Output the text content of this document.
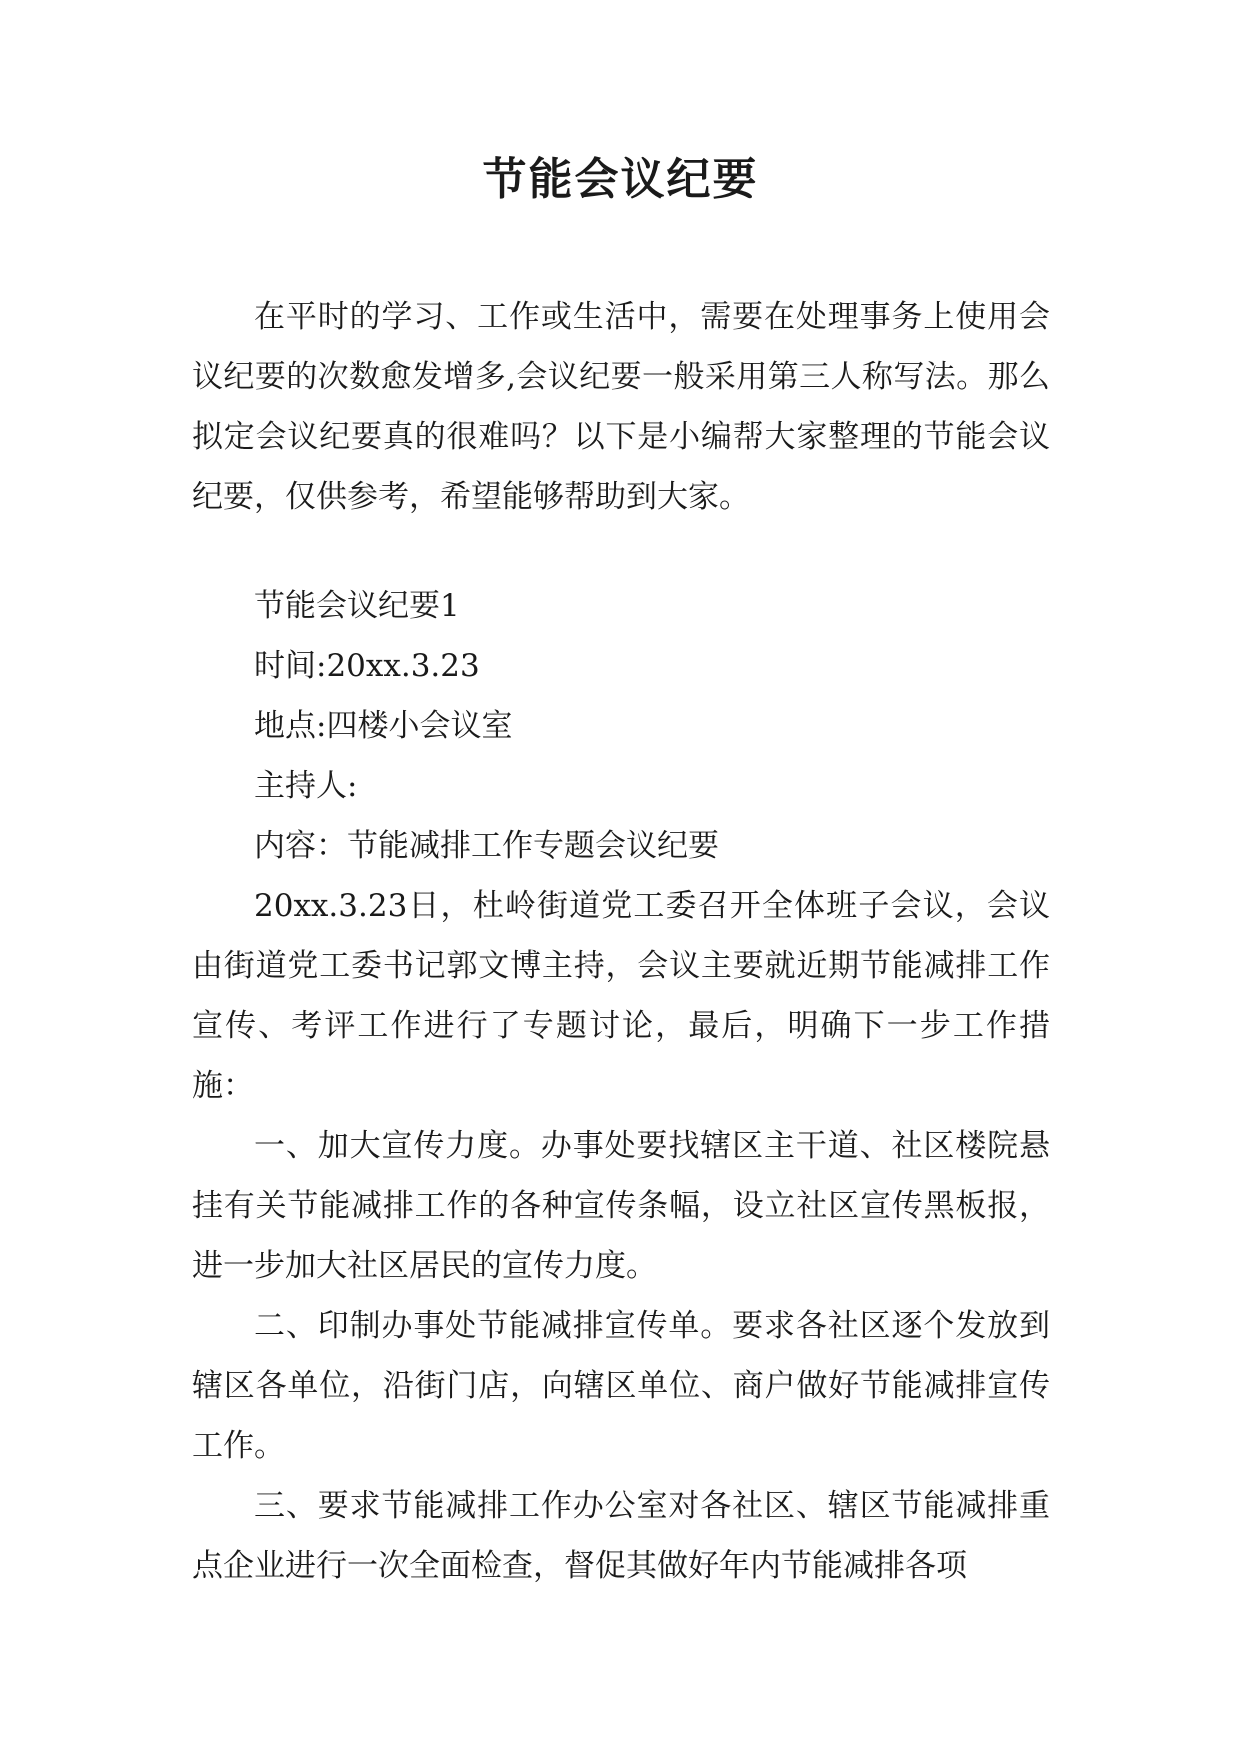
节能会议纪要

在平时的学习、工作或生活中，需要在处理事务上使用会议纪要的次数愈发增多,会议纪要一般采用第三人称写法。那么拟定会议纪要真的很难吗？以下是小编帮大家整理的节能会议纪要，仅供参考，希望能够帮助到大家。

节能会议纪要1

时间:20xx.3.23

地点:四楼小会议室

主持人:

内容：节能减排工作专题会议纪要

20xx.3.23日，杜岭街道党工委召开全体班子会议，会议由街道党工委书记郭文博主持，会议主要就近期节能减排工作宣传、考评工作进行了专题讨论，最后，明确下一步工作措施：

一、加大宣传力度。办事处要找辖区主干道、社区楼院悬挂有关节能减排工作的各种宣传条幅，设立社区宣传黑板报，进一步加大社区居民的宣传力度。

二、印制办事处节能减排宣传单。要求各社区逐个发放到辖区各单位，沿街门店，向辖区单位、商户做好节能减排宣传工作。

三、要求节能减排工作办公室对各社区、辖区节能减排重点企业进行一次全面检查，督促其做好年内节能减排各项
